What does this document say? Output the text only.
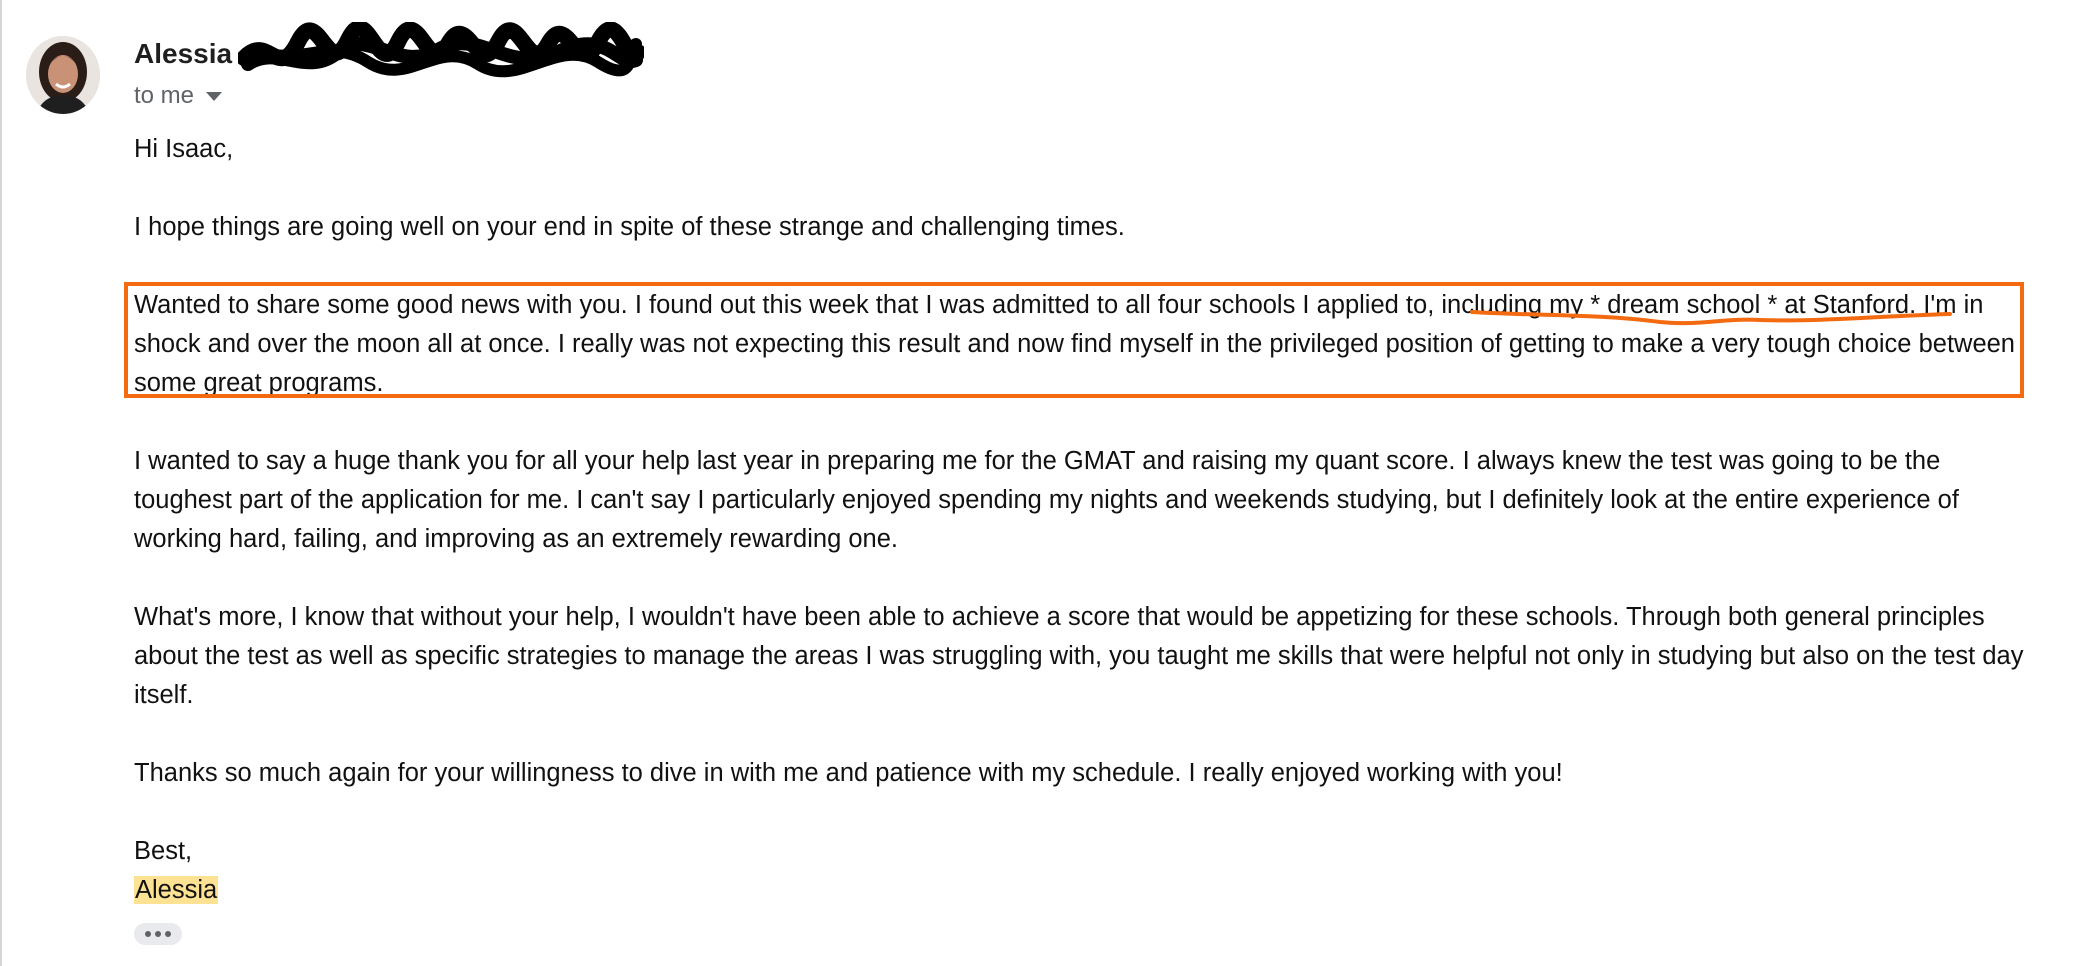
Alessia
to me

Hi Isaac,

I hope things are going well on your end in spite of these strange and challenging times.

Wanted to share some good news with you. I found out this week that I was admitted to all four schools I applied to, including my * dream school * at Stanford. I'm in shock and over the moon all at once. I really was not expecting this result and now find myself in the privileged position of getting to make a very tough choice between some great programs.

I wanted to say a huge thank you for all your help last year in preparing me for the GMAT and raising my quant score. I always knew the test was going to be the toughest part of the application for me. I can't say I particularly enjoyed spending my nights and weekends studying, but I definitely look at the entire experience of working hard, failing, and improving as an extremely rewarding one.

What's more, I know that without your help, I wouldn't have been able to achieve a score that would be appetizing for these schools. Through both general principles about the test as well as specific strategies to manage the areas I was struggling with, you taught me skills that were helpful not only in studying but also on the test day itself.

Thanks so much again for your willingness to dive in with me and patience with my schedule. I really enjoyed working with you!

Best,
Alessia
